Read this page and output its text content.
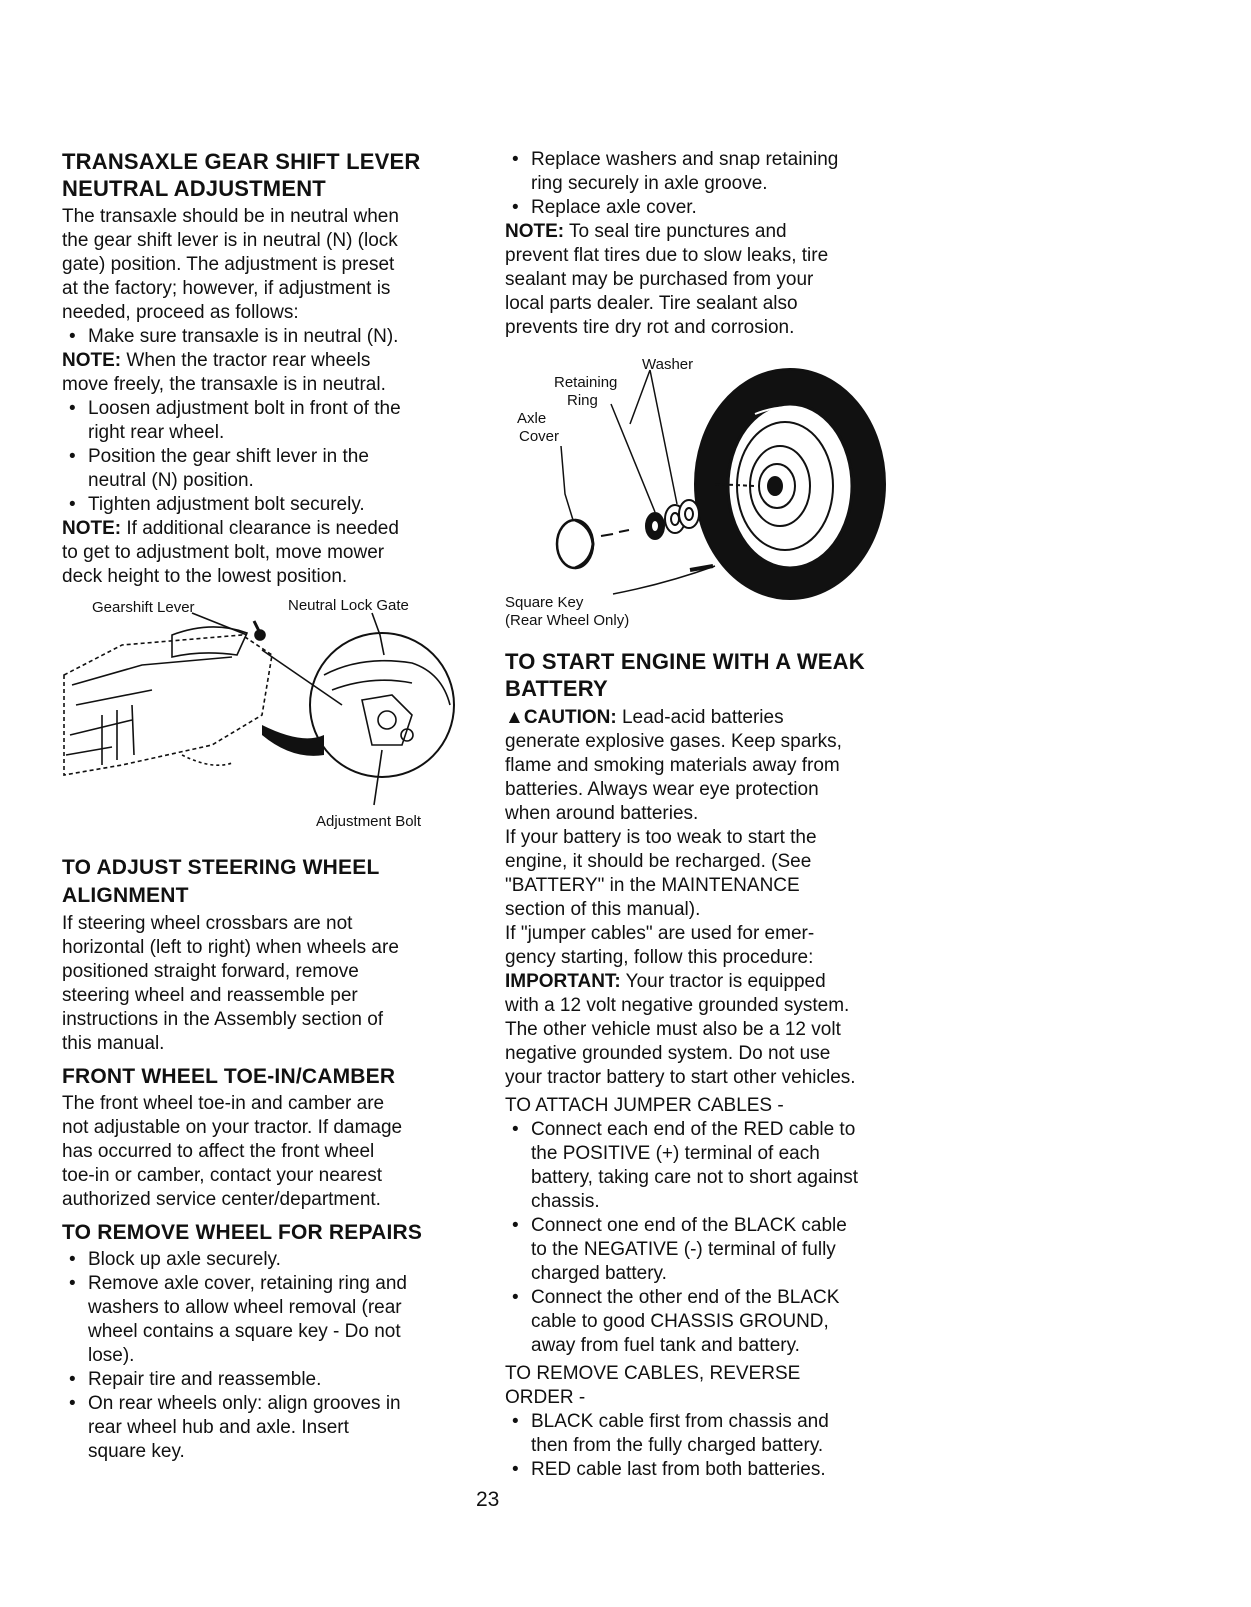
TRANSAXLE GEAR SHIFT LEVER
NEUTRAL ADJUSTMENT

The transaxle should be in neutral when

the gear shift lever is in neutral (N) (lock

gate) position. The adjustment is preset

at the factory; however, if adjustment is

needed, proceed as follows:

• Make sure transaxle is in neutral (N).

NOTE: When the tractor rear wheels

move freely, the transaxle is in neutral.

• Loosen adjustment bolt in front of the

right rear wheel.

• Position the gear shift lever in the

neutral (N) position.

• Tighten adjustment bolt securely.

NOTE: If additional clearance is needed

to get to adjustment bolt, move mower

deck height to the lowest position.

Gearshift Lever	Neutral Lock Gate
Adjustment Bolt
TO ADJUST STEERING WHEEL
ALIGNMENT

If steering wheel crossbars are not

horizontal (left to right) when wheels are

positioned straight forward, remove

steering wheel and reassemble per

instructions in the Assembly section of

this manual.

FRONT WHEEL TOE-IN/CAMBER

The front wheel toe-in and camber are

not adjustable on your tractor. If damage

has occurred to affect the front wheel

toe-in or camber, contact your nearest

authorized service center/department.

TO REMOVE WHEEL FOR REPAIRS

• Block up axle securely.

• Remove axle cover, retaining ring and

washers to allow wheel removal (rear

wheel contains a square key - Do not

lose).

• Repair tire and reassemble.

• On rear wheels only: align grooves in

rear wheel hub and axle. Insert

square key.

• Replace washers and snap retaining

ring securely in axle groove.

• Replace axle cover.

NOTE: To seal tire punctures and

prevent flat tires due to slow leaks, tire

sealant may be purchased from your

local parts dealer. Tire sealant also

prevents tire dry rot and corrosion.

Washer
Retaining
Ring
Axle
Cover
Square Key
(Rear Wheel Only)
TO START ENGINE WITH A WEAK
BATTERY

▲CAUTION: Lead-acid batteries

generate explosive gases. Keep sparks,

flame and smoking materials away from

batteries. Always wear eye protection

when around batteries.

If your battery is too weak to start the

engine, it should be recharged. (See

"BATTERY" in the MAINTENANCE

section of this manual).

If "jumper cables" are used for emer-

gency starting, follow this procedure:

IMPORTANT: Your tractor is equipped

with a 12 volt negative grounded system.

The other vehicle must also be a 12 volt

negative grounded system. Do not use

your tractor battery to start other vehicles.

TO ATTACH JUMPER CABLES -

• Connect each end of the RED cable to

the POSITIVE (+) terminal of each

battery, taking care not to short against

chassis.

• Connect one end of the BLACK cable

to the NEGATIVE (-) terminal of fully

charged battery.

• Connect the other end of the BLACK

cable to good CHASSIS GROUND,

away from fuel tank and battery.

TO REMOVE CABLES, REVERSE

ORDER -

• BLACK cable first from chassis and

then from the fully charged battery.

• RED cable last from both batteries.

23
